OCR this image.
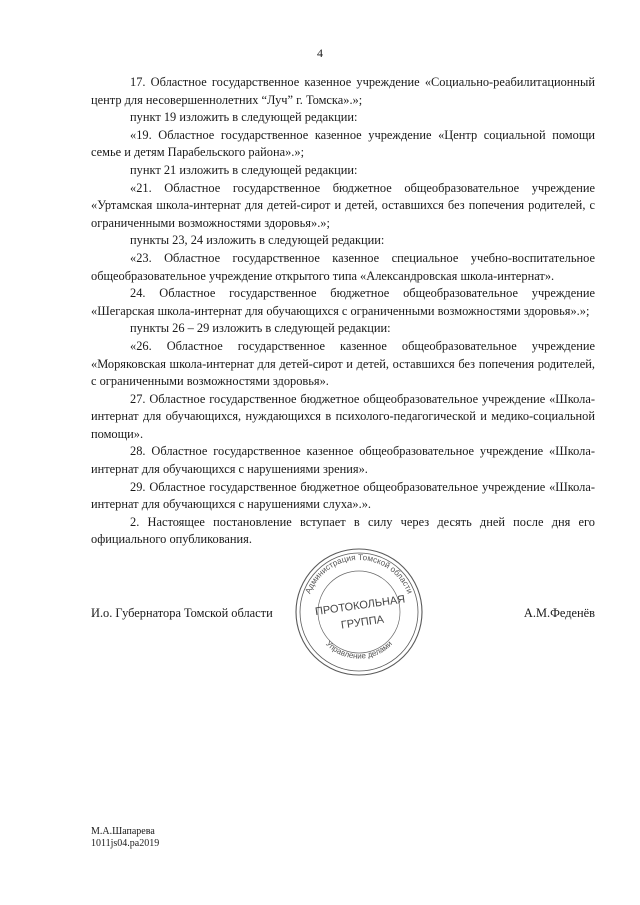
4

17. Областное государственное казенное учреждение «Социально-реабилитационный центр для несовершеннолетних “Луч” г. Томска».»;

пункт 19 изложить в следующей редакции:

«19. Областное государственное казенное учреждение «Центр социальной помощи семье и детям Парабельского района».»;

пункт 21 изложить в следующей редакции:

«21. Областное государственное бюджетное общеобразовательное учреждение «Уртамская школа-интернат для детей-сирот и детей, оставшихся без попечения родителей, с ограниченными возможностями здоровья».»;

пункты 23, 24 изложить в следующей редакции:

«23. Областное государственное казенное специальное учебно-воспитательное общеобразовательное учреждение открытого типа «Александровская школа-интернат».

24. Областное государственное бюджетное общеобразовательное учреждение «Шегарская школа-интернат для обучающихся с ограниченными возможностями здоровья».»;

пункты 26 – 29 изложить в следующей редакции:

«26. Областное государственное казенное общеобразовательное учреждение «Моряковская школа-интернат для детей-сирот и детей, оставшихся без попечения родителей, с ограниченными возможностями здоровья».

27. Областное государственное бюджетное общеобразовательное учреждение «Школа-интернат для обучающихся, нуждающихся в психолого-педагогической и медико-социальной помощи».

28. Областное государственное казенное общеобразовательное учреждение «Школа-интернат для обучающихся с нарушениями зрения».

29. Областное государственное бюджетное общеобразовательное учреждение «Школа-интернат для обучающихся с нарушениями слуха».».

2. Настоящее постановление вступает в силу через десять дней после дня его официального опубликования.

Администрация Томской области
Управление делами
ПРОТОКОЛЬНАЯ
ГРУППА
И.о. Губернатора Томской области	А.М.Феденёв
М.А.Шапарева
1011js04.pa2019
